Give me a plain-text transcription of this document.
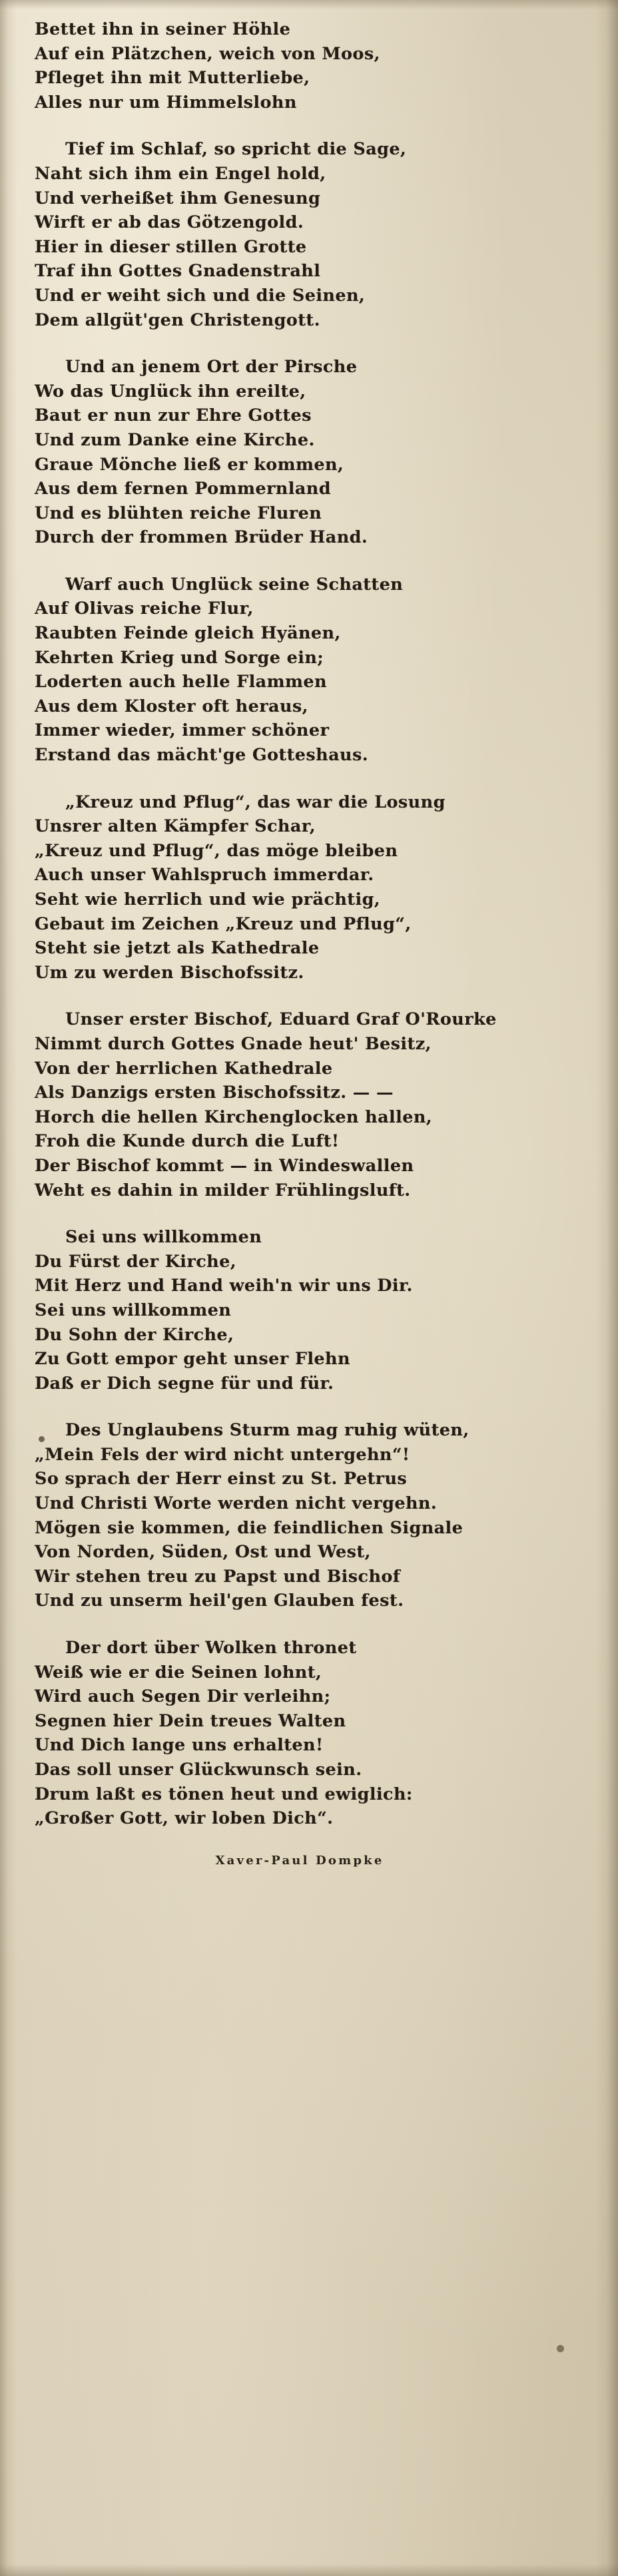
Bettet ihn in seiner Höhle
Auf ein Plätzchen, weich von Moos,
Pfleget ihn mit Mutterliebe,
Alles nur um Himmelslohn
Tief im Schlaf, so spricht die Sage,
Naht sich ihm ein Engel hold,
Und verheißet ihm Genesung
Wirft er ab das Götzengold.
Hier in dieser stillen Grotte
Traf ihn Gottes Gnadenstrahl
Und er weiht sich und die Seinen,
Dem allgüt'gen Christengott.
Und an jenem Ort der Pirsche
Wo das Unglück ihn ereilte,
Baut er nun zur Ehre Gottes
Und zum Danke eine Kirche.
Graue Mönche ließ er kommen,
Aus dem fernen Pommernland
Und es blühten reiche Fluren
Durch der frommen Brüder Hand.
Warf auch Unglück seine Schatten
Auf Olivas reiche Flur,
Raubten Feinde gleich Hyänen,
Kehrten Krieg und Sorge ein;
Loderten auch helle Flammen
Aus dem Kloster oft heraus,
Immer wieder, immer schöner
Erstand das mächt'ge Gotteshaus.
„Kreuz und Pflug“, das war die Losung
Unsrer alten Kämpfer Schar,
„Kreuz und Pflug“, das möge bleiben
Auch unser Wahlspruch immerdar.
Seht wie herrlich und wie prächtig,
Gebaut im Zeichen „Kreuz und Pflug“,
Steht sie jetzt als Kathedrale
Um zu werden Bischofssitz.
Unser erster Bischof, Eduard Graf O'Rourke
Nimmt durch Gottes Gnade heut' Besitz,
Von der herrlichen Kathedrale
Als Danzigs ersten Bischofssitz. — —
Horch die hellen Kirchenglocken hallen,
Froh die Kunde durch die Luft!
Der Bischof kommt — in Windeswallen
Weht es dahin in milder Frühlingsluft.
Sei uns willkommen
Du Fürst der Kirche,
Mit Herz und Hand weih'n wir uns Dir.
Sei uns willkommen
Du Sohn der Kirche,
Zu Gott empor geht unser Flehn
Daß er Dich segne für und für.
Des Unglaubens Sturm mag ruhig wüten,
„Mein Fels der wird nicht untergehn“!
So sprach der Herr einst zu St. Petrus
Und Christi Worte werden nicht vergehn.
Mögen sie kommen, die feindlichen Signale
Von Norden, Süden, Ost und West,
Wir stehen treu zu Papst und Bischof
Und zu unserm heil'gen Glauben fest.
Der dort über Wolken thronet
Weiß wie er die Seinen lohnt,
Wird auch Segen Dir verleihn;
Segnen hier Dein treues Walten
Und Dich lange uns erhalten!
Das soll unser Glückwunsch sein.
Drum laßt es tönen heut und ewiglich:
„Großer Gott, wir loben Dich“.
Xaver-Paul Dompke
